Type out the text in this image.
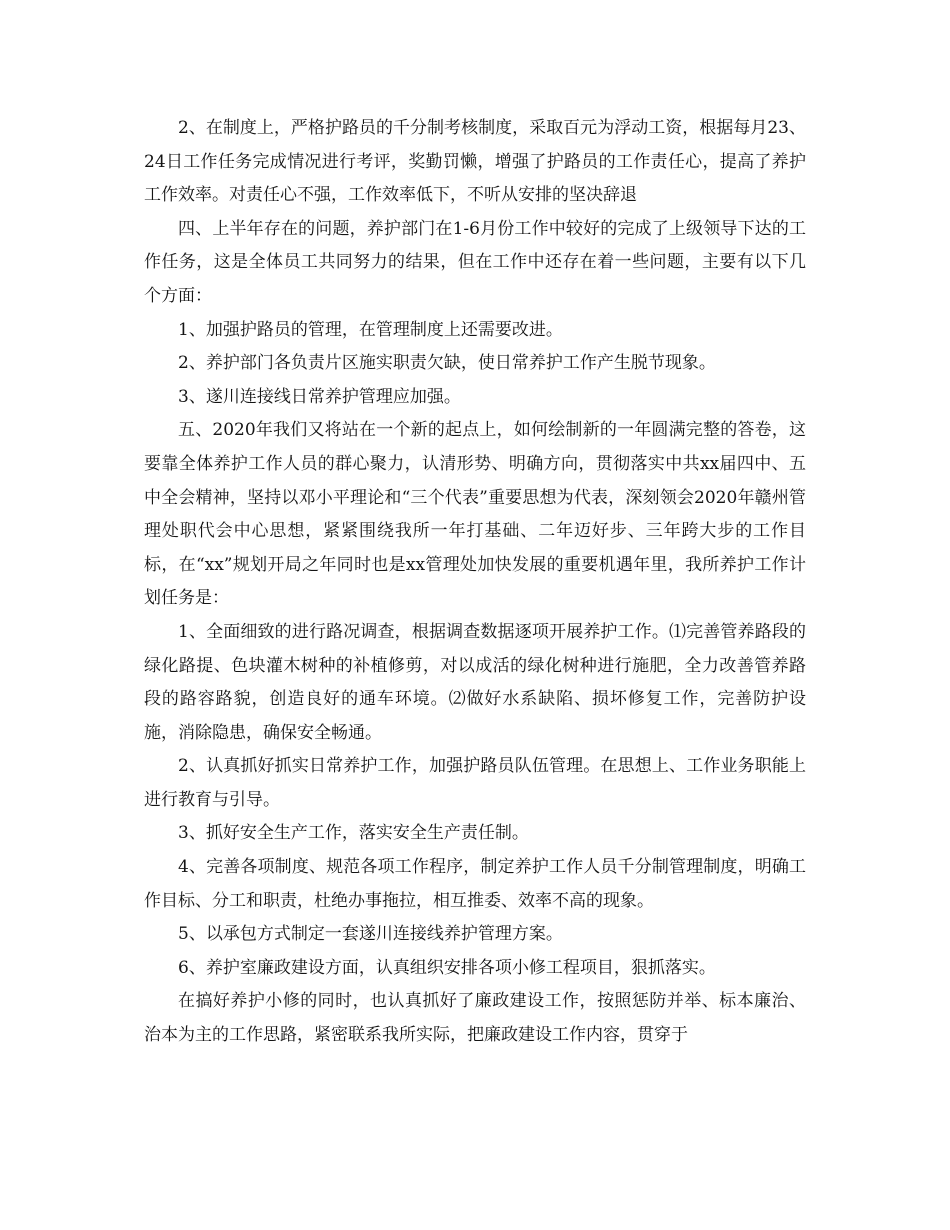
2、在制度上，严格护路员的千分制考核制度，采取百元为浮动工资，根据每月23、24日工作任务完成情况进行考评，奖勤罚懒，增强了护路员的工作责任心，提高了养护工作效率。对责任心不强，工作效率低下，不听从安排的坚决辞退

四、上半年存在的问题，养护部门在1-6月份工作中较好的完成了上级领导下达的工作任务，这是全体员工共同努力的结果，但在工作中还存在着一些问题，主要有以下几个方面：

1、加强护路员的管理，在管理制度上还需要改进。

2、养护部门各负责片区施实职责欠缺，使日常养护工作产生脱节现象。

3、遂川连接线日常养护管理应加强。

五、2020年我们又将站在一个新的起点上，如何绘制新的一年圆满完整的答卷，这要靠全体养护工作人员的群心聚力，认清形势、明确方向，贯彻落实中共xx届四中、五中全会精神，坚持以邓小平理论和“三个代表”重要思想为代表，深刻领会2020年赣州管理处职代会中心思想，紧紧围绕我所一年打基础、二年迈好步、三年跨大步的工作目标，在“xx”规划开局之年同时也是xx管理处加快发展的重要机遇年里，我所养护工作计划任务是：

1、全面细致的进行路况调查，根据调查数据逐项开展养护工作。⑴完善管养路段的绿化路提、色块灌木树种的补植修剪，对以成活的绿化树种进行施肥，全力改善管养路段的路容路貌，创造良好的通车环境。⑵做好水系缺陷、损坏修复工作，完善防护设施，消除隐患，确保安全畅通。

2、认真抓好抓实日常养护工作，加强护路员队伍管理。在思想上、工作业务职能上进行教育与引导。

3、抓好安全生产工作，落实安全生产责任制。

4、完善各项制度、规范各项工作程序，制定养护工作人员千分制管理制度，明确工作目标、分工和职责，杜绝办事拖拉，相互推委、效率不高的现象。

5、以承包方式制定一套遂川连接线养护管理方案。

6、养护室廉政建设方面，认真组织安排各项小修工程项目，狠抓落实。

在搞好养护小修的同时，也认真抓好了廉政建设工作，按照惩防并举、标本廉治、治本为主的工作思路，紧密联系我所实际，把廉政建设工作内容，贯穿于
